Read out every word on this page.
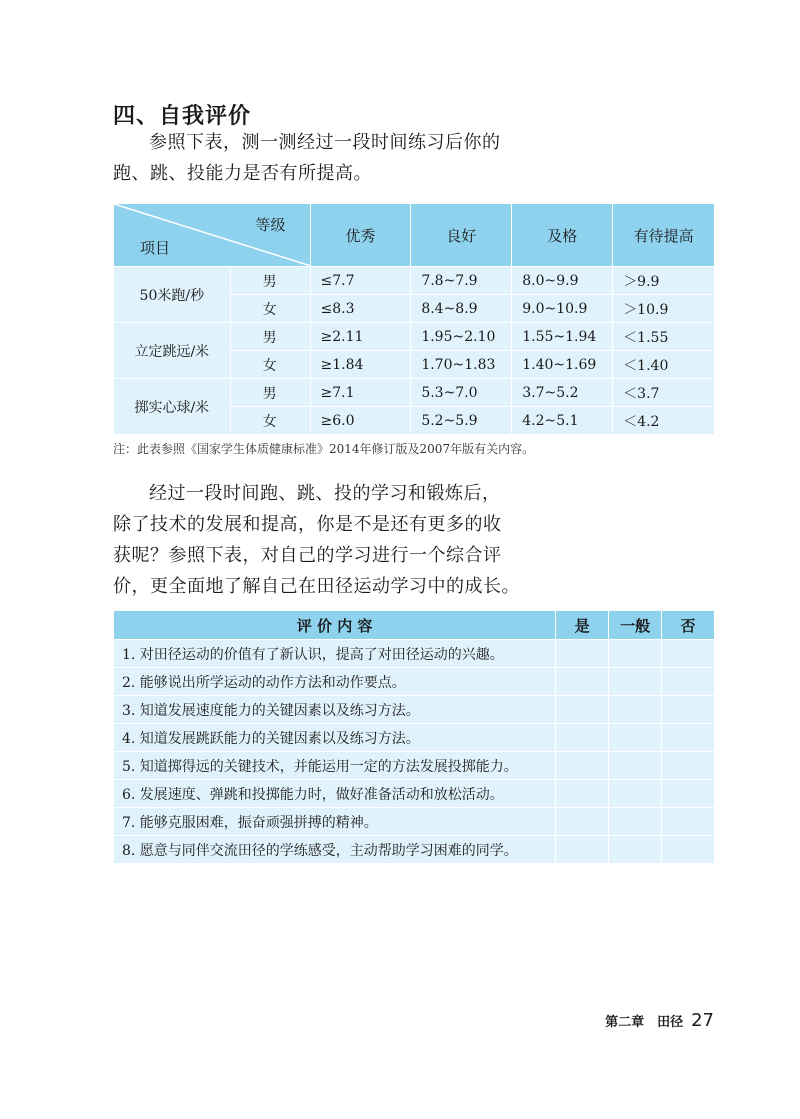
四、自我评价

参照下表，测一测经过一段时间练习后你的

跑、跳、投能力是否有所提高。

等级
项目		优秀	良好	及格	有待提高
50米跑/秒	男	≤7.7	7.8~7.9	8.0~9.9	＞9.9
	女	≤8.3	8.4~8.9	9.0~10.9	＞10.9
立定跳远/米	男	≥2.11	1.95~2.10	1.55~1.94	＜1.55
	女	≥1.84	1.70~1.83	1.40~1.69	＜1.40
掷实心球/米	男	≥7.1	5.3~7.0	3.7~5.2	＜3.7
	女	≥6.0	5.2~5.9	4.2~5.1	＜4.2
注：此表参照《国家学生体质健康标准》2014年修订版及2007年版有关内容。

经过一段时间跑、跳、投的学习和锻炼后，

除了技术的发展和提高，你是不是还有更多的收

获呢？参照下表，对自己的学习进行一个综合评

价，更全面地了解自己在田径运动学习中的成长。

评 价 内 容	是	一般	否
1. 对田径运动的价值有了新认识，提高了对田径运动的兴趣。			
2. 能够说出所学运动的动作方法和动作要点。			
3. 知道发展速度能力的关键因素以及练习方法。			
4. 知道发展跳跃能力的关键因素以及练习方法。			
5. 知道掷得远的关键技术，并能运用一定的方法发展投掷能力。			
6. 发展速度、弹跳和投掷能力时，做好准备活动和放松活动。			
7. 能够克服困难，振奋顽强拼搏的精神。			
8. 愿意与同伴交流田径的学练感受，主动帮助学习困难的同学。			
第二章　田径 27
